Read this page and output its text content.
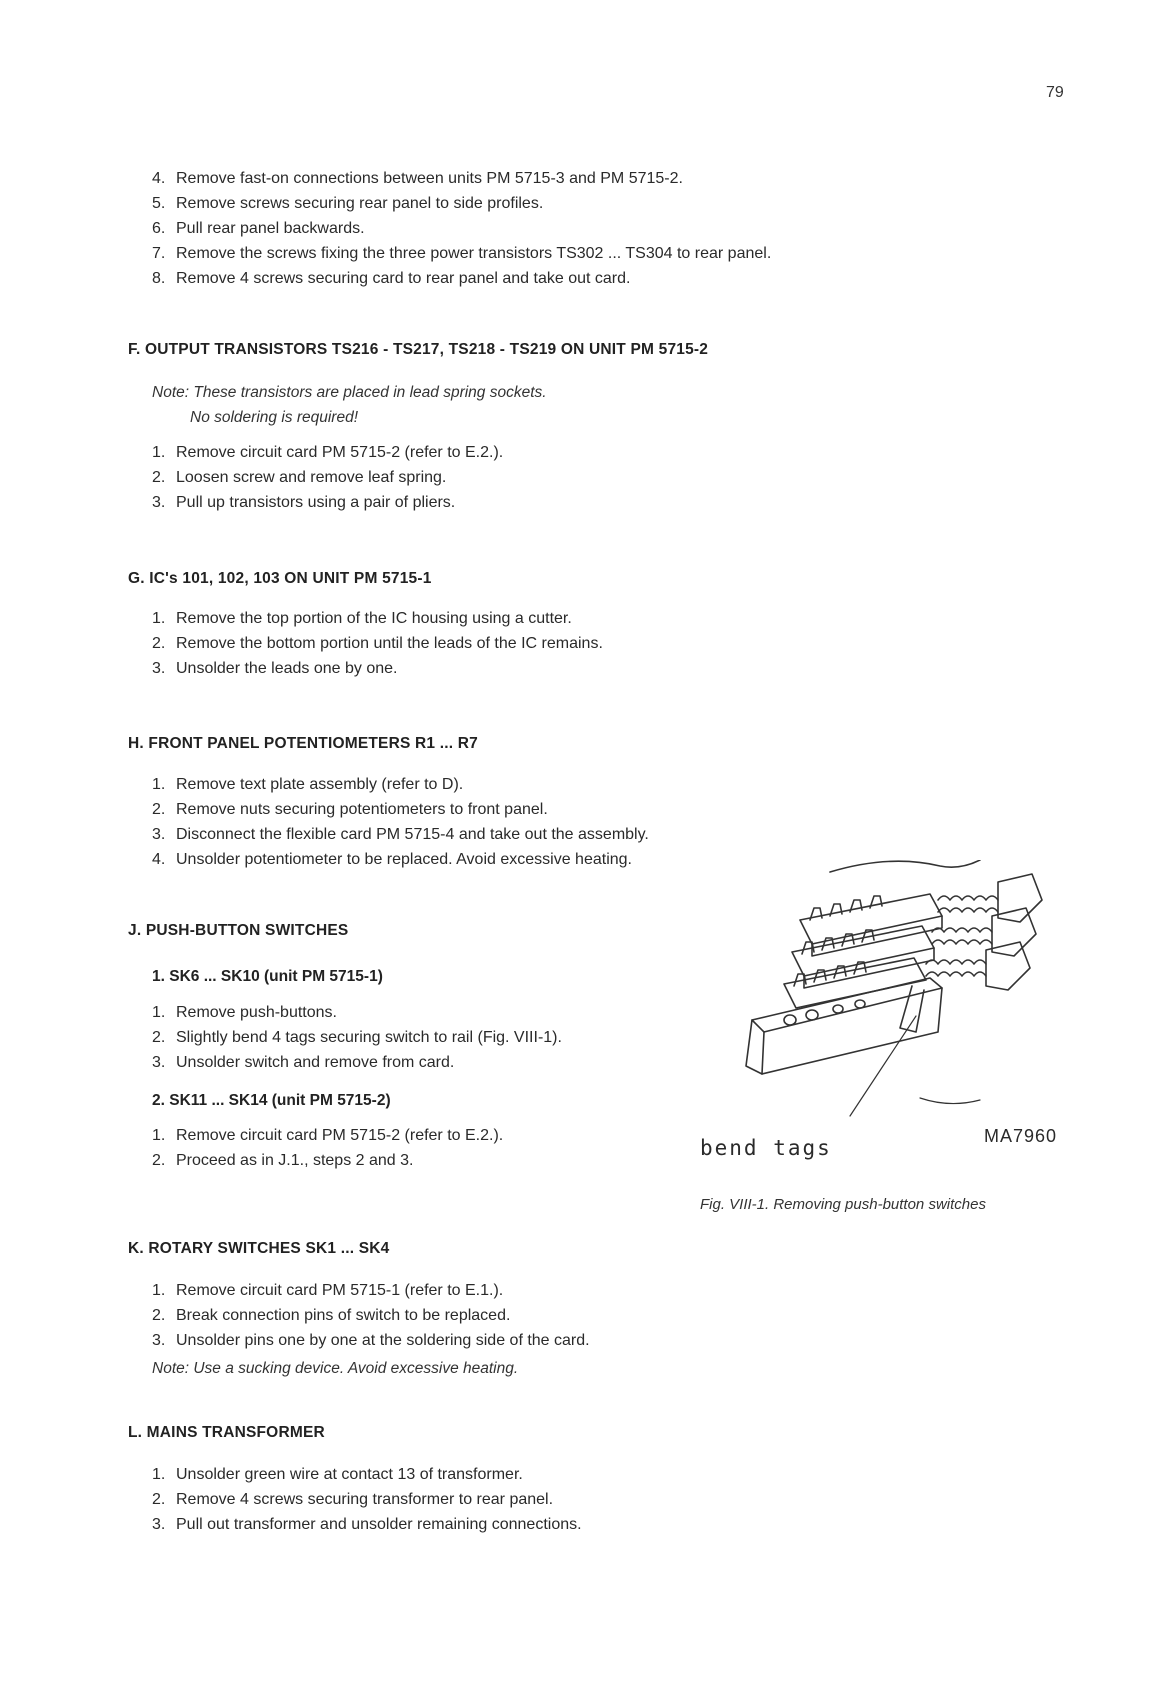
79
4. Remove fast-on connections between units PM 5715-3 and PM 5715-2.
5. Remove screws securing rear panel to side profiles.
6. Pull rear panel backwards.
7. Remove the screws fixing the three power transistors TS302 ... TS304 to rear panel.
8. Remove 4 screws securing card to rear panel and take out card.
F. OUTPUT TRANSISTORS TS216 - TS217, TS218 - TS219 ON UNIT PM 5715-2
Note: These transistors are placed in lead spring sockets.
No soldering is required!
1. Remove circuit card PM 5715-2 (refer to E.2.).
2. Loosen screw and remove leaf spring.
3. Pull up transistors using a pair of pliers.
G. IC's 101, 102, 103 ON UNIT PM 5715-1
1. Remove the top portion of the IC housing using a cutter.
2. Remove the bottom portion until the leads of the IC remains.
3. Unsolder the leads one by one.
H. FRONT PANEL POTENTIOMETERS R1 ... R7
1. Remove text plate assembly (refer to D).
2. Remove nuts securing potentiometers to front panel.
3. Disconnect the flexible card PM 5715-4 and take out the assembly.
4. Unsolder potentiometer to be replaced. Avoid excessive heating.
J. PUSH-BUTTON SWITCHES
1. SK6 ... SK10 (unit PM 5715-1)
1. Remove push-buttons.
2. Slightly bend 4 tags securing switch to rail (Fig. VIII-1).
3. Unsolder switch and remove from card.
2. SK11 ... SK14 (unit PM 5715-2)
1. Remove circuit card PM 5715-2 (refer to E.2.).
2. Proceed as in J.1., steps 2 and 3.
bend tags	MA7960
Fig. VIII-1. Removing push-button switches
K. ROTARY SWITCHES SK1 ... SK4
1. Remove circuit card PM 5715-1 (refer to E.1.).
2. Break connection pins of switch to be replaced.
3. Unsolder pins one by one at the soldering side of the card.
Note: Use a sucking device. Avoid excessive heating.
L. MAINS TRANSFORMER
1. Unsolder green wire at contact 13 of transformer.
2. Remove 4 screws securing transformer to rear panel.
3. Pull out transformer and unsolder remaining connections.
